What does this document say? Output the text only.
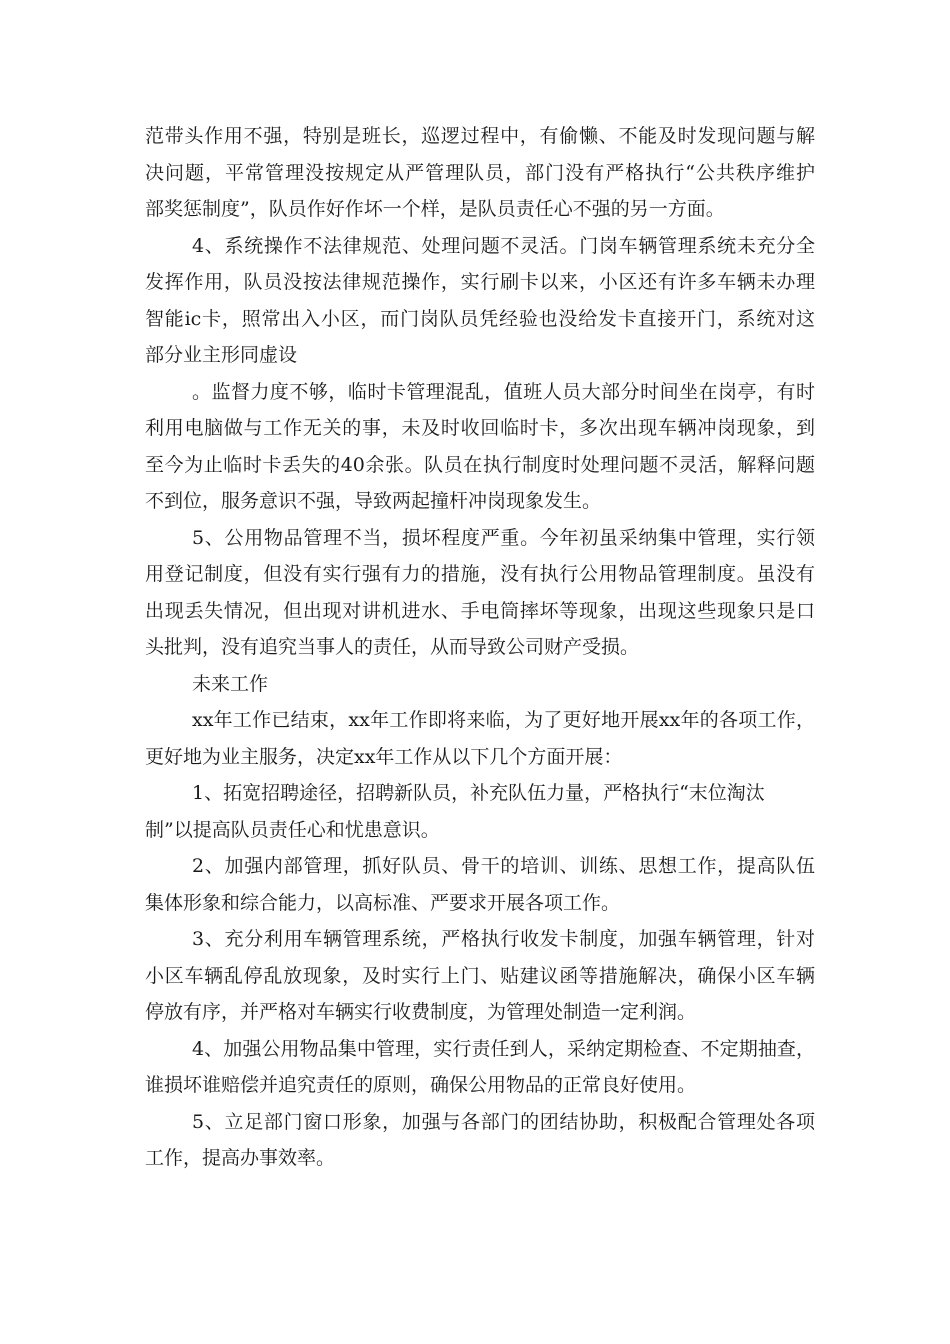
范带头作用不强，特别是班长，巡逻过程中，有偷懒、不能及时发现问题与解
决问题，平常管理没按规定从严管理队员，部门没有严格执行“公共秩序维护
部奖惩制度”，队员作好作坏一个样，是队员责任心不强的另一方面。
4、系统操作不法律规范、处理问题不灵活。门岗车辆管理系统未充分全
发挥作用，队员没按法律规范操作，实行刷卡以来，小区还有许多车辆未办理
智能ic卡，照常出入小区，而门岗队员凭经验也没给发卡直接开门，系统对这
部分业主形同虚设
。监督力度不够，临时卡管理混乱，值班人员大部分时间坐在岗亭，有时
利用电脑做与工作无关的事，未及时收回临时卡，多次出现车辆冲岗现象，到
至今为止临时卡丢失的40余张。队员在执行制度时处理问题不灵活，解释问题
不到位，服务意识不强，导致两起撞杆冲岗现象发生。
5、公用物品管理不当，损坏程度严重。今年初虽采纳集中管理，实行领
用登记制度，但没有实行强有力的措施，没有执行公用物品管理制度。虽没有
出现丢失情况，但出现对讲机进水、手电筒摔坏等现象，出现这些现象只是口
头批判，没有追究当事人的责任，从而导致公司财产受损。
未来工作
xx年工作已结束，xx年工作即将来临，为了更好地开展xx年的各项工作，
更好地为业主服务，决定xx年工作从以下几个方面开展：
1、拓宽招聘途径，招聘新队员，补充队伍力量，严格执行“末位淘汰
制”以提高队员责任心和忧患意识。
2、加强内部管理，抓好队员、骨干的培训、训练、思想工作，提高队伍
集体形象和综合能力，以高标准、严要求开展各项工作。
3、充分利用车辆管理系统，严格执行收发卡制度，加强车辆管理，针对
小区车辆乱停乱放现象，及时实行上门、贴建议函等措施解决，确保小区车辆
停放有序，并严格对车辆实行收费制度，为管理处制造一定利润。
4、加强公用物品集中管理，实行责任到人，采纳定期检查、不定期抽查，
谁损坏谁赔偿并追究责任的原则，确保公用物品的正常良好使用。
5、立足部门窗口形象，加强与各部门的团结协助，积极配合管理处各项
工作，提高办事效率。
